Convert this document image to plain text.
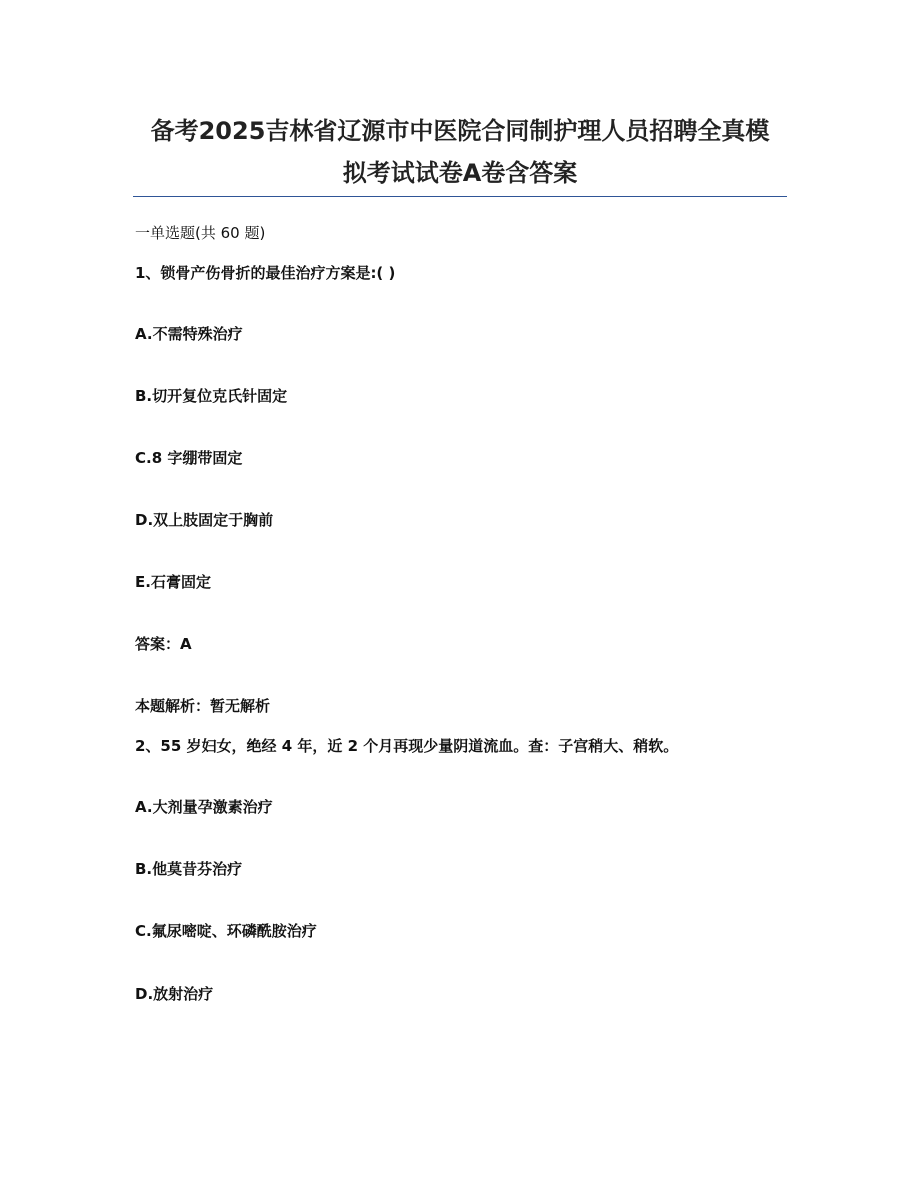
备考2025吉林省辽源市中医院合同制护理人员招聘全真模
拟考试试卷A卷含答案

一单选题(共 60 题)

1、锁骨产伤骨折的最佳治疗方案是:( )

A.不需特殊治疗

B.切开复位克氏针固定

C.8 字绷带固定

D.双上肢固定于胸前

E.石膏固定

答案：A

本题解析：暂无解析

2、55 岁妇女，绝经 4 年，近 2 个月再现少量阴道流血。查：子宫稍大、稍软。

A.大剂量孕激素治疗

B.他莫昔芬治疗

C.氟尿嘧啶、环磷酰胺治疗

D.放射治疗
